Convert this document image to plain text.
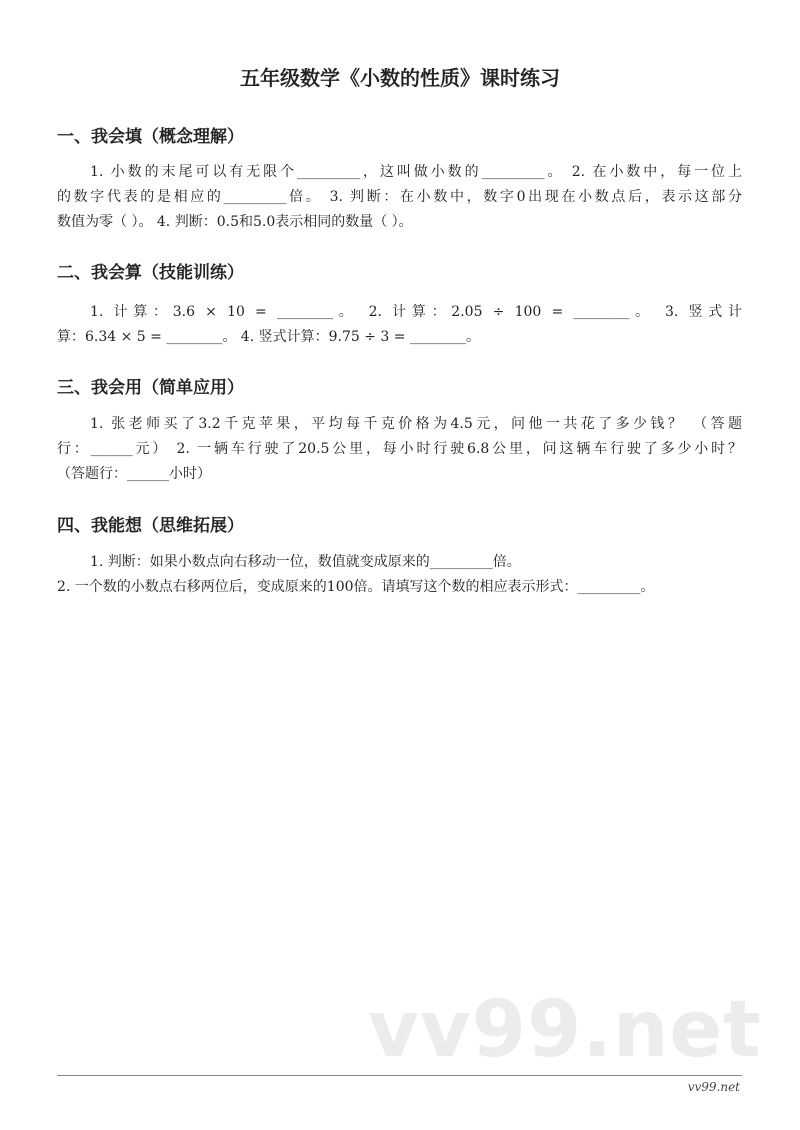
五年级数学《小数的性质》课时练习
一、我会填（概念理解）
1. 小数的末尾可以有无限个_________，这叫做小数的_________。 2. 在小数中，每一位上
的数字代表的是相应的_________倍。 3. 判断：在小数中，数字0出现在小数点后，表示这部分
数值为零（ ）。 4. 判断：0.5和5.0表示相同的数量（ ）。
二、我会算（技能训练）
1. 计算：3.6 × 10 = ________。 2. 计算：2.05 ÷ 100 = ________。 3. 竖式计
算：6.34 × 5 = ________。 4. 竖式计算：9.75 ÷ 3 = ________。
三、我会用（简单应用）
1. 张老师买了3.2千克苹果，平均每千克价格为4.5元，问他一共花了多少钱？ （答题
行：______元） 2. 一辆车行驶了20.5公里，每小时行驶6.8公里，问这辆车行驶了多少小时？
（答题行：______小时）
四、我能想（思维拓展）
1. 判断：如果小数点向右移动一位，数值就变成原来的_________倍。
2. 一个数的小数点右移两位后，变成原来的100倍。请填写这个数的相应表示形式：_________。
vv99.net
vv99.net
